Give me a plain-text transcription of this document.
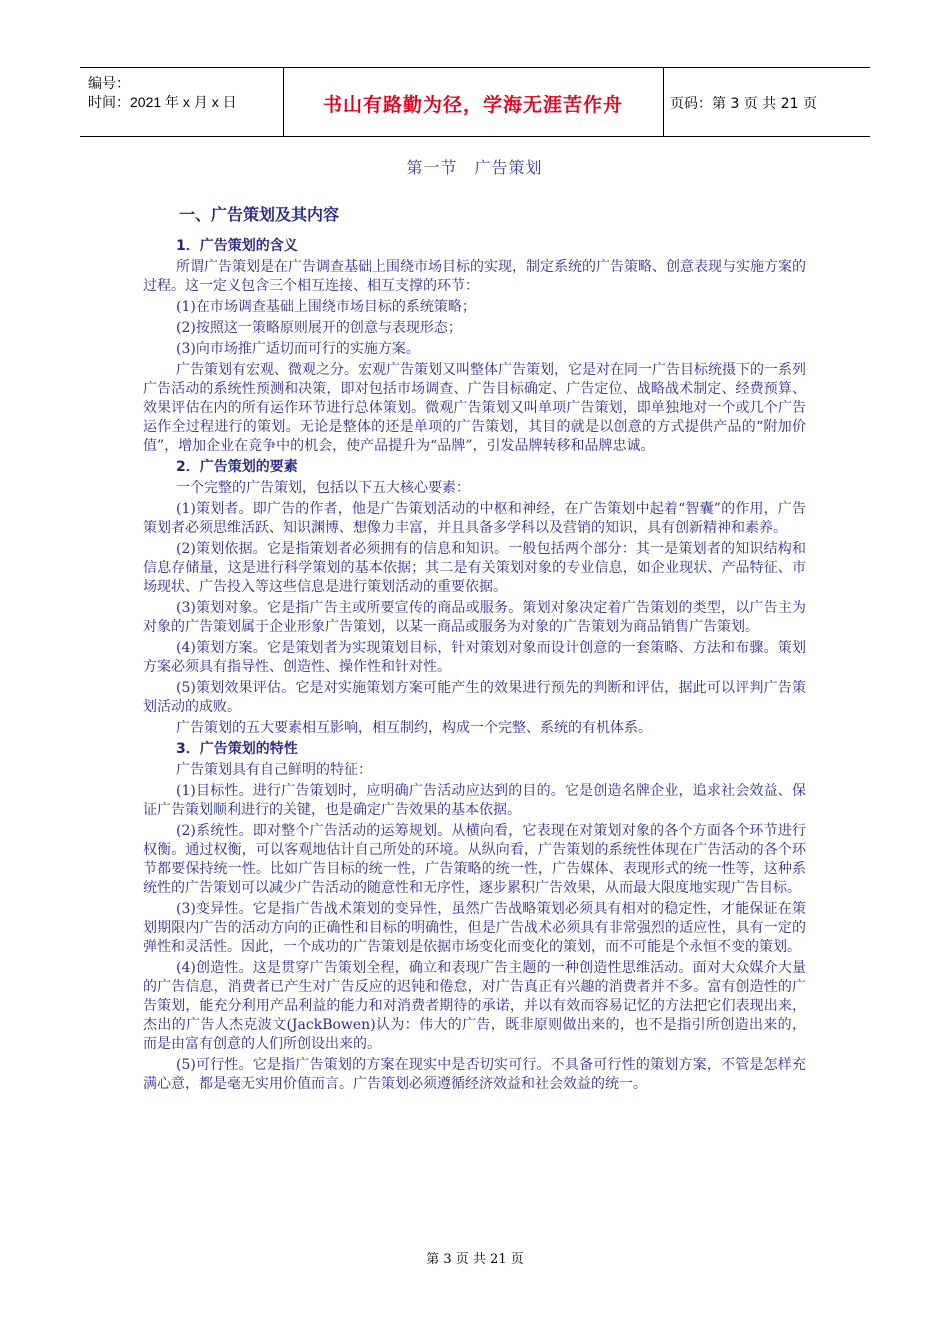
编号：
时间：2021 年 x 月 x 日	书山有路勤为径，学海无涯苦作舟	页码：第 3 页 共 21 页
第一节　广告策划
一、广告策划及其内容
1．广告策划的含义
所谓广告策划是在广告调查基础上围绕市场目标的实现，制定系统的广告策略、创意表现与实施方案的过程。这一定义包含三个相互连接、相互支撑的环节：
(1)在市场调查基础上围绕市场目标的系统策略；
(2)按照这一策略原则展开的创意与表现形态；
(3)向市场推广适切而可行的实施方案。
广告策划有宏观、微观之分。宏观广告策划又叫整体广告策划，它是对在同一广告目标统摄下的一系列广告活动的系统性预测和决策，即对包括市场调查、广告目标确定、广告定位、战略战术制定、经费预算、效果评估在内的所有运作环节进行总体策划。微观广告策划又叫单项广告策划，即单独地对一个或几个广告运作全过程进行的策划。无论是整体的还是单项的广告策划，其目的就是以创意的方式提供产品的“附加价值”，增加企业在竞争中的机会，使产品提升为“品牌”，引发品牌转移和品牌忠诚。
2．广告策划的要素
一个完整的广告策划，包括以下五大核心要素：
(1)策划者。即广告的作者，他是广告策划活动的中枢和神经，在广告策划中起着“智囊”的作用，广告策划者必须思维活跃、知识渊博、想像力丰富，并且具备多学科以及营销的知识，具有创新精神和素养。
(2)策划依据。它是指策划者必须拥有的信息和知识。一般包括两个部分：其一是策划者的知识结构和信息存储量，这是进行科学策划的基本依据；其二是有关策划对象的专业信息，如企业现状、产品特征、市场现状、广告投入等这些信息是进行策划活动的重要依据。
(3)策划对象。它是指广告主或所要宣传的商品或服务。策划对象决定着广告策划的类型，以广告主为对象的广告策划属于企业形象广告策划，以某一商品或服务为对象的广告策划为商品销售广告策划。
(4)策划方案。它是策划者为实现策划目标，针对策划对象而设计创意的一套策略、方法和布骤。策划方案必须具有指导性、创造性、操作性和针对性。
(5)策划效果评估。它是对实施策划方案可能产生的效果进行预先的判断和评估，据此可以评判广告策划活动的成败。
广告策划的五大要素相互影响，相互制约，构成一个完整、系统的有机体系。
3．广告策划的特性
广告策划具有自己鲜明的特征：
(1)目标性。进行广告策划时，应明确广告活动应达到的目的。它是创造名牌企业，追求社会效益、保证广告策划顺利进行的关键，也是确定广告效果的基本依据。
(2)系统性。即对整个广告活动的运筹规划。从横向看，它表现在对策划对象的各个方面各个环节进行权衡。通过权衡，可以客观地估计自己所处的环境。从纵向看，广告策划的系统性体现在广告活动的各个环节都要保持统一性。比如广告目标的统一性，广告策略的统一性，广告媒体、表现形式的统一性等，这种系统性的广告策划可以减少广告活动的随意性和无序性，逐步累积广告效果，从而最大限度地实现广告目标。
(3)变异性。它是指广告战术策划的变异性，虽然广告战略策划必须具有相对的稳定性，才能保证在策划期限内广告的活动方向的正确性和目标的明确性，但是广告战术必须具有非常强烈的适应性，具有一定的弹性和灵活性。因此，一个成功的广告策划是依据市场变化而变化的策划，而不可能是个永恒不变的策划。
(4)创造性。这是贯穿广告策划全程，确立和表现广告主题的一种创造性思维活动。面对大众媒介大量的广告信息，消费者已产生对广告反应的迟钝和倦怠，对广告真正有兴趣的消费者并不多。富有创造性的广告策划，能充分利用产品利益的能力和对消费者期待的承诺，并以有效而容易记忆的方法把它们表现出来，杰出的广告人杰克波文(JackBowen)认为：伟大的广告，既非原则做出来的，也不是指引所创造出来的，而是由富有创意的人们所创设出来的。
(5)可行性。它是指广告策划的方案在现实中是否切实可行。不具备可行性的策划方案，不管是怎样充满心意，都是毫无实用价值而言。广告策划必须遵循经济效益和社会效益的统一。
第 3 页 共 21 页
